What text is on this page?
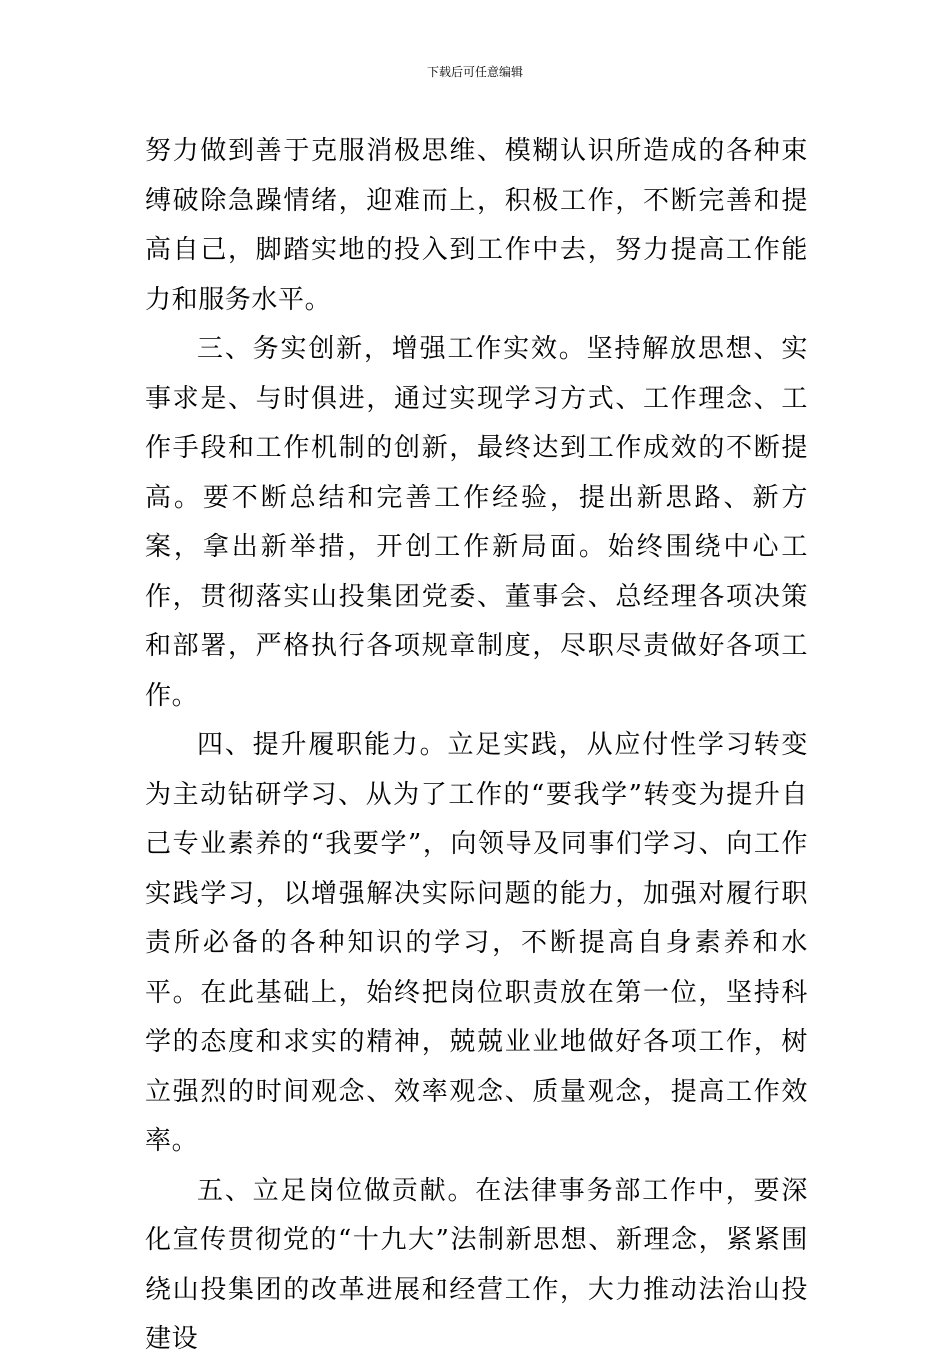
下载后可任意编辑

努力做到善于克服消极思维、模糊认识所造成的各种束缚破除急躁情绪，迎难而上，积极工作，不断完善和提高自己，脚踏实地的投入到工作中去，努力提高工作能力和服务水平。

三、务实创新，增强工作实效。坚持解放思想、实事求是、与时俱进，通过实现学习方式、工作理念、工作手段和工作机制的创新，最终达到工作成效的不断提高。要不断总结和完善工作经验，提出新思路、新方案，拿出新举措，开创工作新局面。始终围绕中心工作，贯彻落实山投集团党委、董事会、总经理各项决策和部署，严格执行各项规章制度，尽职尽责做好各项工作。

四、提升履职能力。立足实践，从应付性学习转变为主动钻研学习、从为了工作的“要我学”转变为提升自己专业素养的“我要学”，向领导及同事们学习、向工作实践学习，以增强解决实际问题的能力，加强对履行职责所必备的各种知识的学习，不断提高自身素养和水平。在此基础上，始终把岗位职责放在第一位，坚持科学的态度和求实的精神，兢兢业业地做好各项工作，树立强烈的时间观念、效率观念、质量观念，提高工作效率。

五、立足岗位做贡献。在法律事务部工作中，要深化宣传贯彻党的“十九大”法制新思想、新理念，紧紧围绕山投集团的改革进展和经营工作，大力推动法治山投建设
